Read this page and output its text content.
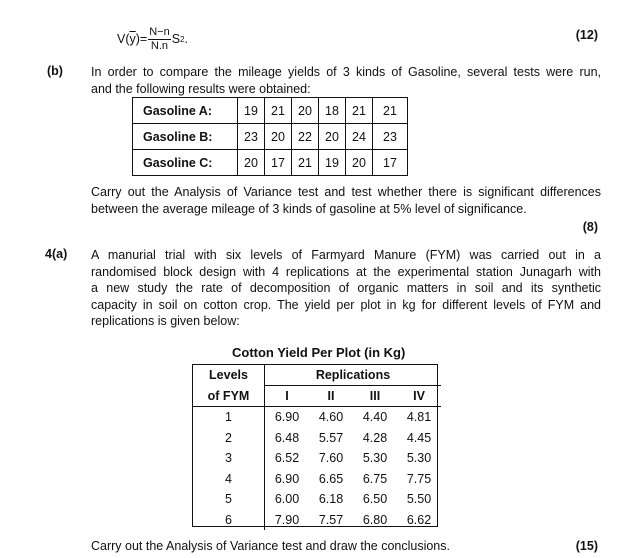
V( $\overline{y}$ )= $\frac{N-n}{N.n}$ S 2 .	(12)
(b) In order to compare the mileage yields of 3 kinds of Gasoline, several tests were run,
and the following results were obtained:
Gasoline A:	19	21	20	18	21	21
Gasoline B:	23	20	22	20	24	23
Gasoline C:	20	17	21	19	20	17
Carry out the Analysis of Variance test and test whether there is significant differences
between the average mileage of 3 kinds of gasoline at 5% level of significance.
(8)
4(a) A manurial trial with six levels of Farmyard Manure (FYM) was carried out in a
randomised block design with 4 replications at the experimental station Junagarh with
a new study the rate of decomposition of organic matters in soil and its synthetic
capacity in soil on cotton crop. The yield per plot in kg for different levels of FYM and
replications is given below:
Cotton Yield Per Plot (in Kg)
Levels	Replications			
of FYM	I	II	III	IV
1	6.90	4.60	4.40	4.81
2	6.48	5.57	4.28	4.45
3	6.52	7.60	5.30	5.30
4	6.90	6.65	6.75	7.75
5	6.00	6.18	6.50	5.50
6	7.90	7.57	6.80	6.62
Carry out the Analysis of Variance test and draw the conclusions.	(15)
